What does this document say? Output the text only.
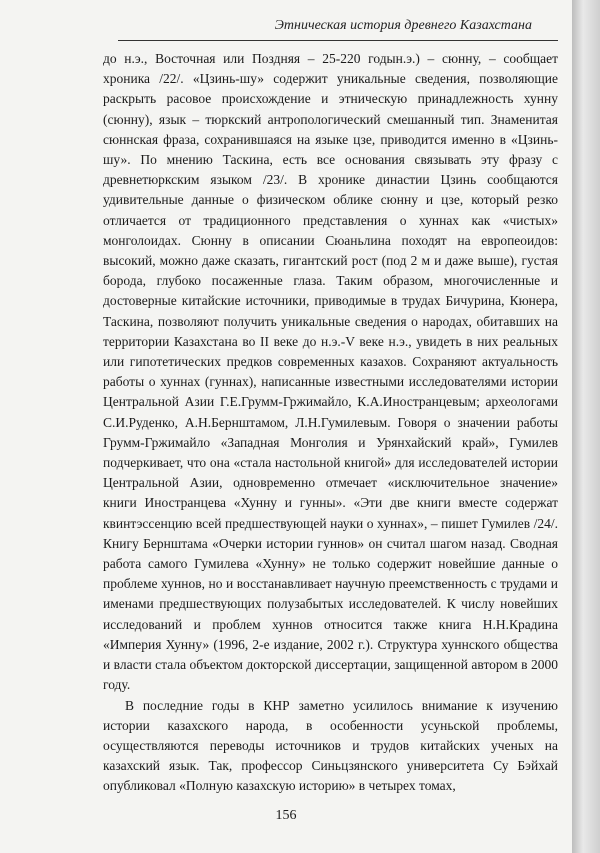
Этническая история древнего Казахстана

до н.э., Восточная или Поздняя – 25-220 годын.э.) – сюнну, – сообщает хроника /22/. «Цзинь-шу» содержит уникальные сведения, позволяющие раскрыть расовое происхождение и этническую принадлежность хунну (сюнну), язык – тюркский антропологический смешанный тип. Знаменитая сюннская фраза, сохранившаяся на языке цзе, приводится именно в «Цзинь-шу». По мнению Таскина, есть все основания связывать эту фразу с древнетюркским языком /23/. В хронике династии Цзинь сообщаются удивительные данные о физическом облике сюнну и цзе, который резко отличается от традиционного представления о хуннах как «чистых» монголоидах. Сюнну в описании Сюаньлина походят на европеоидов: высокий, можно даже сказать, гигантский рост (под 2 м и даже выше), густая борода, глубоко посаженные глаза. Таким образом, многочисленные и достоверные китайские источники, приводимые в трудах Бичурина, Кюнера, Таскина, позволяют получить уникальные сведения о народах, обитавших на территории Казахстана во II веке до н.э.-V веке н.э., увидеть в них реальных или гипотетических предков современных казахов. Сохраняют актуальность работы о хуннах (гуннах), написанные известными исследователями истории Центральной Азии Г.Е.Грумм-Гржимайло, К.А.Иностранцевым; археологами С.И.Руденко, А.Н.Бернштамом, Л.Н.Гумилевым. Говоря о значении работы Грумм-Гржимайло «Западная Монголия и Урянхайский край», Гумилев подчеркивает, что она «стала настольной книгой» для исследователей истории Центральной Азии, одновременно отмечает «исключительное значение» книги Иностранцева «Хунну и гунны». «Эти две книги вместе содержат квинтэссенцию всей предшествующей науки о хуннах», – пишет Гумилев /24/. Книгу Бернштама «Очерки истории гуннов» он считал шагом назад. Сводная работа самого Гумилева «Хунну» не только содержит новейшие данные о проблеме хуннов, но и восстанавливает научную преемственность с трудами и именами предшествующих полузабытых исследователей. К числу новейших исследований и проблем хуннов относится также книга Н.Н.Крадина «Империя Хунну» (1996, 2-е издание, 2002 г.). Структура хуннского общества и власти стала объектом докторской диссертации, защищенной автором в 2000 году.

В последние годы в КНР заметно усилилось внимание к изучению истории казахского народа, в особенности усуньской проблемы, осуществляются переводы источников и трудов китайских ученых на казахский язык. Так, профессор Синьцзянского университета Су Бэйхай опубликовал «Полную казахскую историю» в четырех томах,

156
